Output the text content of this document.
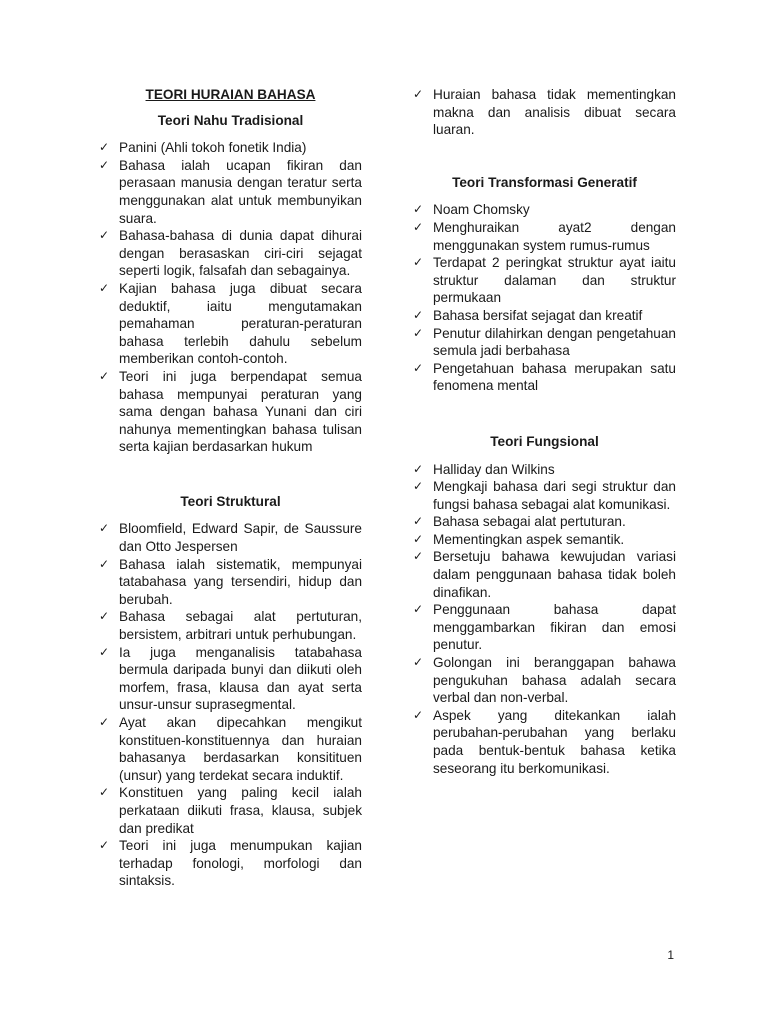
TEORI HURAIAN BAHASA
Teori Nahu Tradisional
✓ Panini (Ahli tokoh fonetik India)
✓ Bahasa ialah ucapan fikiran dan perasaan manusia dengan teratur serta menggunakan alat untuk membunyikan suara.
✓ Bahasa-bahasa di dunia dapat dihurai dengan berasaskan ciri-ciri sejagat seperti logik, falsafah dan sebagainya.
✓ Kajian bahasa juga dibuat secara deduktif, iaitu mengutamakan pemahaman peraturan-peraturan bahasa terlebih dahulu sebelum memberikan contoh-contoh.
✓ Teori ini juga berpendapat semua bahasa mempunyai peraturan yang sama dengan bahasa Yunani dan ciri nahunya mementingkan bahasa tulisan serta kajian berdasarkan hukum
Teori Struktural
✓ Bloomfield, Edward Sapir, de Saussure dan Otto Jespersen
✓ Bahasa ialah sistematik, mempunyai tatabahasa yang tersendiri, hidup dan berubah.
✓ Bahasa sebagai alat pertuturan, bersistem, arbitrari untuk perhubungan.
✓ Ia juga menganalisis tatabahasa bermula daripada bunyi dan diikuti oleh morfem, frasa, klausa dan ayat serta unsur-unsur suprasegmental.
✓ Ayat akan dipecahkan mengikut konstituen-konstituennya dan huraian bahasanya berdasarkan konsitituen (unsur) yang terdekat secara induktif.
✓ Konstituen yang paling kecil ialah perkataan diikuti frasa, klausa, subjek dan predikat
✓ Teori ini juga menumpukan kajian terhadap fonologi, morfologi dan sintaksis.
✓ Huraian bahasa tidak mementingkan makna dan analisis dibuat secara luaran.
Teori Transformasi Generatif
✓ Noam Chomsky
✓ Menghuraikan ayat2 dengan menggunakan system rumus-rumus
✓ Terdapat 2 peringkat struktur ayat iaitu struktur dalaman dan struktur permukaan
✓ Bahasa bersifat sejagat dan kreatif
✓ Penutur dilahirkan dengan pengetahuan semula jadi berbahasa
✓ Pengetahuan bahasa merupakan satu fenomena mental
Teori Fungsional
✓ Halliday dan Wilkins
✓ Mengkaji bahasa dari segi struktur dan fungsi bahasa sebagai alat komunikasi.
✓ Bahasa sebagai alat pertuturan.
✓ Mementingkan aspek semantik.
✓ Bersetuju bahawa kewujudan variasi dalam penggunaan bahasa tidak boleh dinafikan.
✓ Penggunaan bahasa dapat menggambarkan fikiran dan emosi penutur.
✓ Golongan ini beranggapan bahawa pengukuhan bahasa adalah secara verbal dan non-verbal.
✓ Aspek yang ditekankan ialah perubahan-perubahan yang berlaku pada bentuk-bentuk bahasa ketika seseorang itu berkomunikasi.
1
